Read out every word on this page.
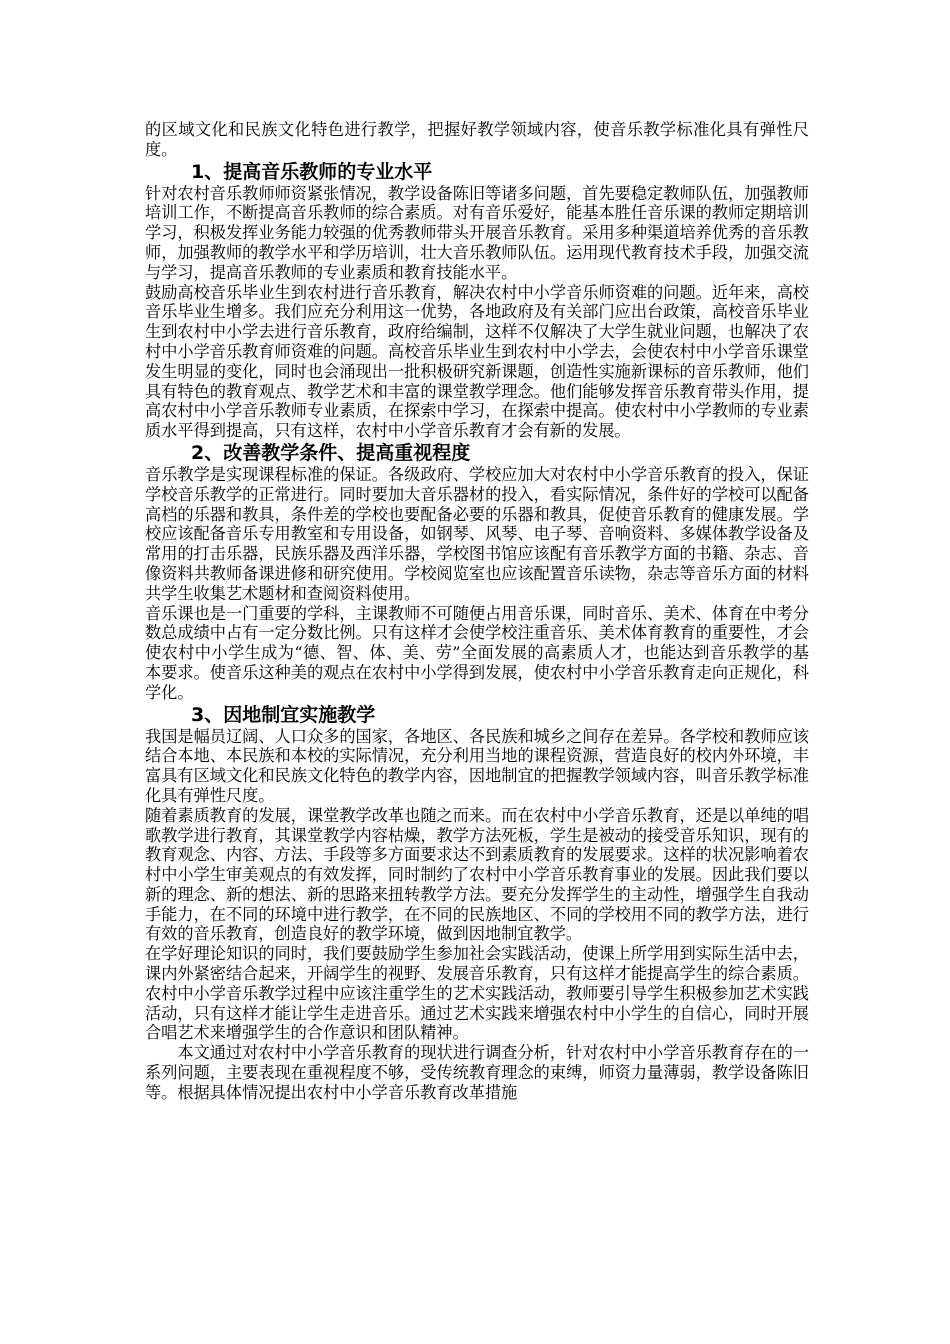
的区域文化和民族文化特色进行教学，把握好教学领域内容，使音乐教学标准化具有弹性尺度。

1、提高音乐教师的专业水平

针对农村音乐教师师资紧张情况，教学设备陈旧等诸多问题，首先要稳定教师队伍，加强教师培训工作，不断提高音乐教师的综合素质。对有音乐爱好，能基本胜任音乐课的教师定期培训学习，积极发挥业务能力较强的优秀教师带头开展音乐教育。采用多种渠道培养优秀的音乐教师，加强教师的教学水平和学历培训，壮大音乐教师队伍。运用现代教育技术手段，加强交流与学习，提高音乐教师的专业素质和教育技能水平。

鼓励高校音乐毕业生到农村进行音乐教育，解决农村中小学音乐师资难的问题。近年来，高校音乐毕业生增多。我们应充分利用这一优势，各地政府及有关部门应出台政策，高校音乐毕业生到农村中小学去进行音乐教育，政府给编制，这样不仅解决了大学生就业问题，也解决了农村中小学音乐教育师资难的问题。高校音乐毕业生到农村中小学去，会使农村中小学音乐课堂发生明显的变化，同时也会涌现出一批积极研究新课题，创造性实施新课标的音乐教师，他们具有特色的教育观点、教学艺术和丰富的课堂教学理念。他们能够发挥音乐教育带头作用，提高农村中小学音乐教师专业素质，在探索中学习，在探索中提高。使农村中小学教师的专业素质水平得到提高，只有这样，农村中小学音乐教育才会有新的发展。

2、改善教学条件、提高重视程度

音乐教学是实现课程标准的保证。各级政府、学校应加大对农村中小学音乐教育的投入，保证学校音乐教学的正常进行。同时要加大音乐器材的投入，看实际情况，条件好的学校可以配备高档的乐器和教具，条件差的学校也要配备必要的乐器和教具，促使音乐教育的健康发展。学校应该配备音乐专用教室和专用设备，如钢琴、风琴、电子琴、音响资料、多媒体教学设备及常用的打击乐器，民族乐器及西洋乐器，学校图书馆应该配有音乐教学方面的书籍、杂志、音像资料共教师备课进修和研究使用。学校阅览室也应该配置音乐读物，杂志等音乐方面的材料共学生收集艺术题材和查阅资料使用。

音乐课也是一门重要的学科，主课教师不可随便占用音乐课，同时音乐、美术、体育在中考分数总成绩中占有一定分数比例。只有这样才会使学校注重音乐、美术体育教育的重要性，才会使农村中小学生成为“德、智、体、美、劳”全面发展的高素质人才，也能达到音乐教学的基本要求。使音乐这种美的观点在农村中小学得到发展，使农村中小学音乐教育走向正规化，科学化。

3、因地制宜实施教学

我国是幅员辽阔、人口众多的国家，各地区、各民族和城乡之间存在差异。各学校和教师应该结合本地、本民族和本校的实际情况，充分利用当地的课程资源，营造良好的校内外环境，丰富具有区域文化和民族文化特色的教学内容，因地制宜的把握教学领域内容，叫音乐教学标准化具有弹性尺度。

随着素质教育的发展，课堂教学改革也随之而来。而在农村中小学音乐教育，还是以单纯的唱歌教学进行教育，其课堂教学内容枯燥，教学方法死板，学生是被动的接受音乐知识，现有的教育观念、内容、方法、手段等多方面要求达不到素质教育的发展要求。这样的状况影响着农村中小学生审美观点的有效发挥，同时制约了农村中小学音乐教育事业的发展。因此我们要以新的理念、新的想法、新的思路来扭转教学方法。要充分发挥学生的主动性，增强学生自我动手能力，在不同的环境中进行教学，在不同的民族地区、不同的学校用不同的教学方法，进行有效的音乐教育，创造良好的教学环境，做到因地制宜教学。

在学好理论知识的同时，我们要鼓励学生参加社会实践活动，使课上所学用到实际生活中去，课内外紧密结合起来，开阔学生的视野、发展音乐教育，只有这样才能提高学生的综合素质。农村中小学音乐教学过程中应该注重学生的艺术实践活动，教师要引导学生积极参加艺术实践活动，只有这样才能让学生走进音乐。通过艺术实践来增强农村中小学生的自信心，同时开展合唱艺术来增强学生的合作意识和团队精神。

本文通过对农村中小学音乐教育的现状进行调查分析，针对农村中小学音乐教育存在的一系列问题，主要表现在重视程度不够，受传统教育理念的束缚，师资力量薄弱，教学设备陈旧等。根据具体情况提出农村中小学音乐教育改革措施
